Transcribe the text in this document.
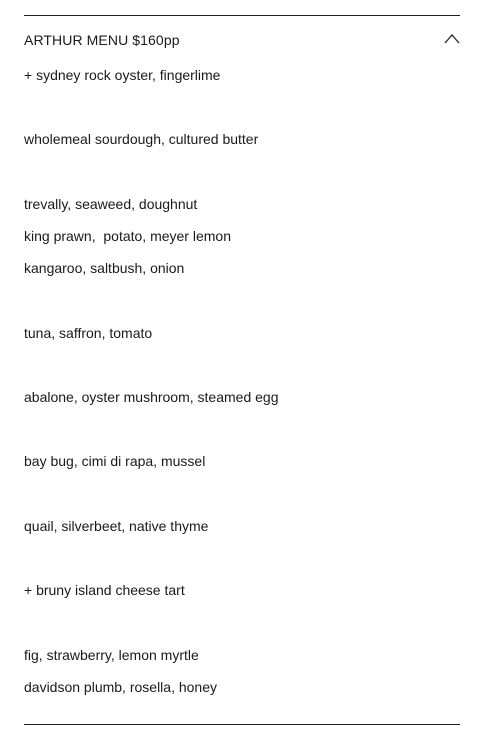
ARTHUR MENU $160pp
+ sydney rock oyster, fingerlime
wholemeal sourdough, cultured butter
trevally, seaweed, doughnut
king prawn,  potato, meyer lemon
kangaroo, saltbush, onion
tuna, saffron, tomato
abalone, oyster mushroom, steamed egg
bay bug, cimi di rapa, mussel
quail, silverbeet, native thyme
+ bruny island cheese tart
fig, strawberry, lemon myrtle
davidson plumb, rosella, honey
